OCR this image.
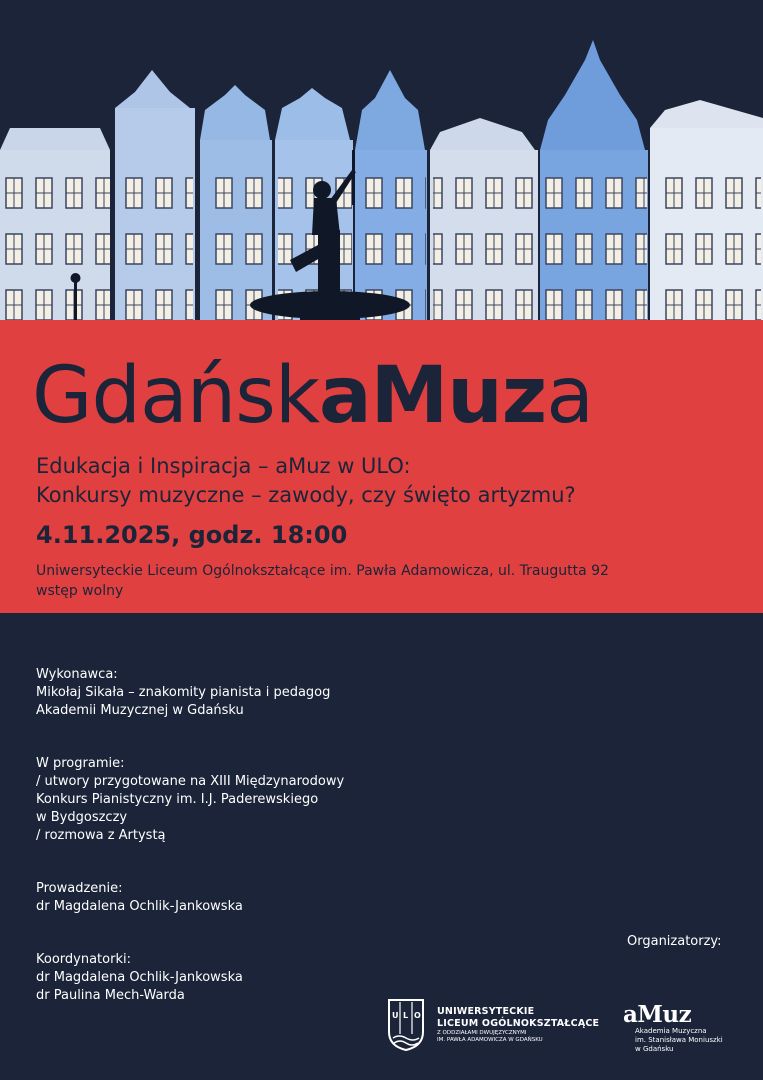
GdańskaMuza
Edukacja i Inspiracja – aMuz w ULO:
Konkursy muzyczne – zawody, czy święto artyzmu?
4.11.2025, godz. 18:00
Uniwersyteckie Liceum Ogólnokształcące im. Pawła Adamowicza, ul. Traugutta 92
wstęp wolny
Wykonawca:
Mikołaj Sikała – znakomity pianista i pedagog
Akademii Muzycznej w Gdańsku
W programie:
/ utwory przygotowane na XIII Międzynarodowy
Konkurs Pianistyczny im. I.J. Paderewskiego
w Bydgoszczy
/ rozmowa z Artystą
Prowadzenie:
dr Magdalena Ochlik-Jankowska
Koordynatorki:
dr Magdalena Ochlik-Jankowska
dr Paulina Mech-Warda
Organizatorzy:
U L O UNIWERSYTECKIE
LICEUM OGÓLNOKSZTAŁCĄCE
Z ODDZIAŁAMI DWUJĘZYCZNYMI
IM. PAWŁA ADAMOWICZA W GDAŃSKU
aMuz
Akademia Muzyczna
im. Stanisława Moniuszki
w Gdańsku
